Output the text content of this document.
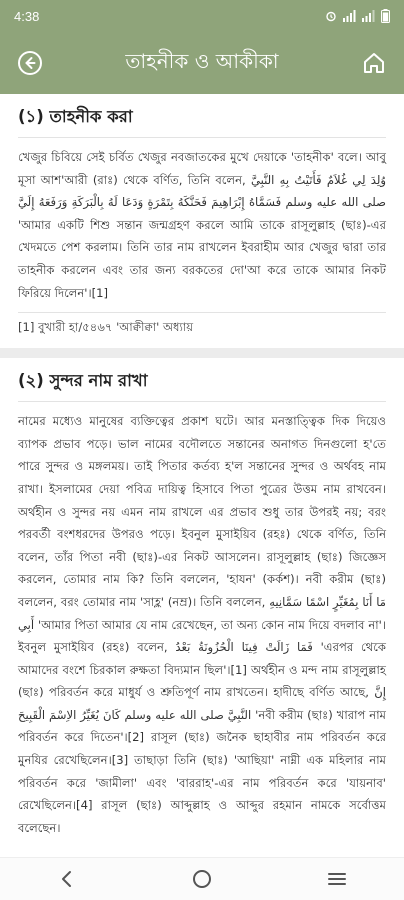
4:38
তাহনীক ও আকীকা
(১) তাহনীক করা

খেজুর চিবিয়ে সেই চর্বিত খেজুর নবজাতকের মুখে দেয়াকে 'তাহনীক' বলে। আবু মূসা আশ'আরী (রাঃ) থেকে বর্ণিত, তিনি বলেন, وُلِدَ لِي غُلاَمٌ فَأَتَيْتُ بِهِ النَّبِيَّ صلى الله عليه وسلم فَسَمَّاهُ إِبْرَاهِيمَ فَحَنَّكَهُ بِتَمْرَةٍ وَدَعَا لَهُ بِالْبَرَكَةِ وَرَفَعَهُ إِلَيَّ 'আমার একটি শিশু সন্তান জন্মগ্রহণ করলে আমি তাকে রাসূলুল্লাহ (ছাঃ)-এর খেদমতে পেশ করলাম। তিনি তার নাম রাখলেন ইবরাহীম আর খেজুর দ্বারা তার তাহনীক করলেন এবং তার জন্য বরকতের দো'আ করে তাকে আমার নিকট ফিরিয়ে দিলেন'।[1]

[1] বুখারী হা/৫৪৬৭ 'আক্বীক্বা' অধ্যায়
(২) সুন্দর নাম রাখা

নামের মধ্যেও মানুষের ব্যক্তিত্বের প্রকাশ ঘটে। আর মনস্তাত্ত্বিক দিক দিয়েও ব্যাপক প্রভাব পড়ে। ভাল নামের বদৌলতে সন্তানের অনাগত দিনগুলো হ'তে পারে সুন্দর ও মঙ্গলময়। তাই পিতার কর্তব্য হ'ল সন্তানের সুন্দর ও অর্থবহ নাম রাখা। ইসলামের দেয়া পবিত্র দায়িত্ব হিসাবে পিতা পুত্রের উত্তম নাম রাখবেন। অর্থহীন ও সুন্দর নয় এমন নাম রাখলে এর প্রভাব শুধু তার উপরই নয়; বরং পরবর্তী বংশধরদের উপরও পড়ে। ইবনুল মুসাইয়িব (রহঃ) থেকে বর্ণিত, তিনি বলেন, তাঁর পিতা নবী (ছাঃ)-এর নিকট আসলেন। রাসূলুল্লাহ (ছাঃ) জিজ্ঞেস করলেন, তোমার নাম কি? তিনি বললেন, 'হাযন' (কর্কশ)। নবী করীম (ছাঃ) বললেন, বরং তোমার নাম 'সাহ্ল' (নম্র)। তিনি বললেন, مَا أَنَا بِمُغَيِّرٍ اسْمًا سَمَّانِيهِ أَبِي 'আমার পিতা আমার যে নাম রেখেছেন, তা অন্য কোন নাম দিয়ে বদলাব না'। ইবনুল মুসাইয়িব (রহঃ) বলেন, فَمَا زَالَتْ فِينَا الْحُزُونَةُ بَعْدُ 'এরপর থেকে আমাদের বংশে চিরকাল রুক্ষতা বিদ্যমান ছিল'।[1] অর্থহীন ও মন্দ নাম রাসূলুল্লাহ (ছাঃ) পরিবর্তন করে মাধুর্য ও শ্রুতিপূর্ণ নাম রাখতেন। হাদীছে বর্ণিত আছে, إِنَّ النَّبِيَّ صلى الله عليه وسلم كَانَ يُغَيِّرُ الاِسْمَ الْقَبِيحَ 'নবী করীম (ছাঃ) খারাপ নাম পরিবর্তন করে দিতেন'।[2] রাসূল (ছাঃ) জনৈক ছাহাবীর নাম পরিবর্তন করে মুনযির রেখেছিলেন।[3] তাছাড়া তিনি (ছাঃ) 'আছিয়া' নাম্নী এক মহিলার নাম পরিবর্তন করে 'জামীলা' এবং 'বাররাহ'-এর নাম পরিবর্তন করে 'যায়নাব' রেখেছিলেন।[4] রাসূল (ছাঃ) আব্দুল্লাহ ও আব্দুর রহমান নামকে সর্বোত্তম বলেছেন।
